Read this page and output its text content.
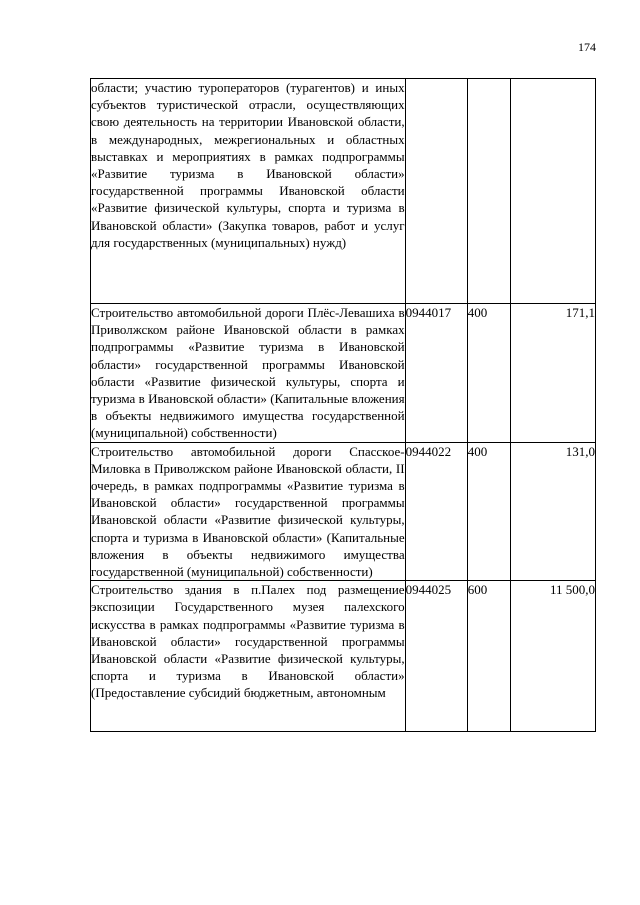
174
области; участию туроператоров (турагентов) и иных субъектов туристической отрасли, осуществляющих свою деятельность на территории Ивановской области, в международных, межрегиональных и областных выставках и мероприятиях в рамках подпрограммы «Развитие туризма в Ивановской области» государственной программы Ивановской области «Развитие физической культуры, спорта и туризма в Ивановской области» (Закупка товаров, работ и услуг для государственных (муниципальных) нужд)			
Строительство автомобильной дороги Плёс-Левашиха в Приволжском районе Ивановской области в рамках подпрограммы «Развитие туризма в Ивановской области» государственной программы Ивановской области «Развитие физической культуры, спорта и туризма в Ивановской области» (Капитальные вложения в объекты недвижимого имущества государственной (муниципальной) собственности)	0944017	400	171,1
Строительство автомобильной дороги Спасское-Миловка в Приволжском районе Ивановской области, II очередь, в рамках подпрограммы «Развитие туризма в Ивановской области» государственной программы Ивановской области «Развитие физической культуры, спорта и туризма в Ивановской области» (Капитальные вложения в объекты недвижимого имущества государственной (муниципальной) собственности)	0944022	400	131,0
Строительство здания в п.Палех под размещение экспозиции Государственного музея палехского искусства в рамках подпрограммы «Развитие туризма в Ивановской области» государственной программы Ивановской области «Развитие физической культуры, спорта и туризма в Ивановской области» (Предоставление субсидий бюджетным, автономным	0944025	600	11 500,0
